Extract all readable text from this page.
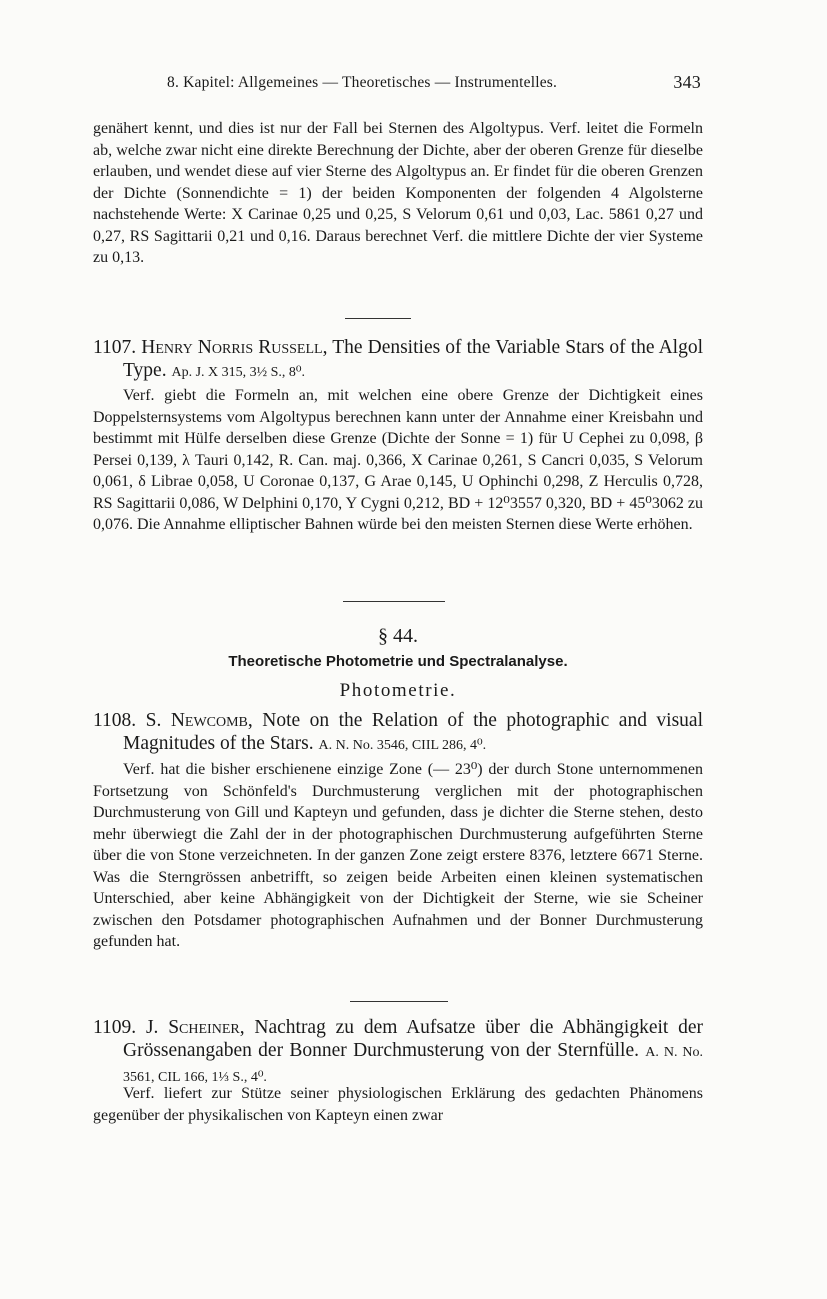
8. Kapitel: Allgemeines — Theoretisches — Instrumentelles.	343

genähert kennt, und dies ist nur der Fall bei Sternen des Algoltypus. Verf. leitet die Formeln ab, welche zwar nicht eine direkte Berechnung der Dichte, aber der oberen Grenze für dieselbe erlauben, und wendet diese auf vier Sterne des Algoltypus an. Er findet für die oberen Grenzen der Dichte (Sonnendichte = 1) der beiden Komponenten der folgenden 4 Algolsterne nachstehende Werte: X Carinae 0,25 und 0,25, S Velorum 0,61 und 0,03, Lac. 5861 0,27 und 0,27, RS Sagittarii 0,21 und 0,16. Daraus berechnet Verf. die mittlere Dichte der vier Systeme zu 0,13.

1107. Henry Norris Russell, The Densities of the Variable Stars of the Algol Type. Ap. J. X 315, 3½ S., 8⁰.

Verf. giebt die Formeln an, mit welchen eine obere Grenze der Dichtigkeit eines Doppelsternsystems vom Algoltypus berechnen kann unter der Annahme einer Kreisbahn und bestimmt mit Hülfe derselben diese Grenze (Dichte der Sonne = 1) für U Cephei zu 0,098, β Persei 0,139, λ Tauri 0,142, R. Can. maj. 0,366, X Carinae 0,261, S Cancri 0,035, S Velorum 0,061, δ Librae 0,058, U Coronae 0,137, G Arae 0,145, U Ophinchi 0,298, Z Herculis 0,728, RS Sagittarii 0,086, W Delphini 0,170, Y Cygni 0,212, BD + 12⁰3557 0,320, BD + 45⁰3062 zu 0,076. Die Annahme elliptischer Bahnen würde bei den meisten Sternen diese Werte erhöhen.

§ 44.
Theoretische Photometrie und Spectralanalyse.
Photometrie.
1108. S. Newcomb, Note on the Relation of the photographic and visual Magnitudes of the Stars. A. N. No. 3546, CIIL 286, 4⁰.

Verf. hat die bisher erschienene einzige Zone (— 23⁰) der durch Stone unternommenen Fortsetzung von Schönfeld's Durchmusterung verglichen mit der photographischen Durchmusterung von Gill und Kapteyn und gefunden, dass je dichter die Sterne stehen, desto mehr überwiegt die Zahl der in der photographischen Durchmusterung aufgeführten Sterne über die von Stone verzeichneten. In der ganzen Zone zeigt erstere 8376, letztere 6671 Sterne. Was die Sterngrössen anbetrifft, so zeigen beide Arbeiten einen kleinen systematischen Unterschied, aber keine Abhängigkeit von der Dichtigkeit der Sterne, wie sie Scheiner zwischen den Potsdamer photographischen Aufnahmen und der Bonner Durchmusterung gefunden hat.

1109. J. Scheiner, Nachtrag zu dem Aufsatze über die Abhängigkeit der Grössenangaben der Bonner Durchmusterung von der Sternfülle. A. N. No. 3561, CIL 166, 1⅓ S., 4⁰.

Verf. liefert zur Stütze seiner physiologischen Erklärung des gedachten Phänomens gegenüber der physikalischen von Kapteyn einen zwar
